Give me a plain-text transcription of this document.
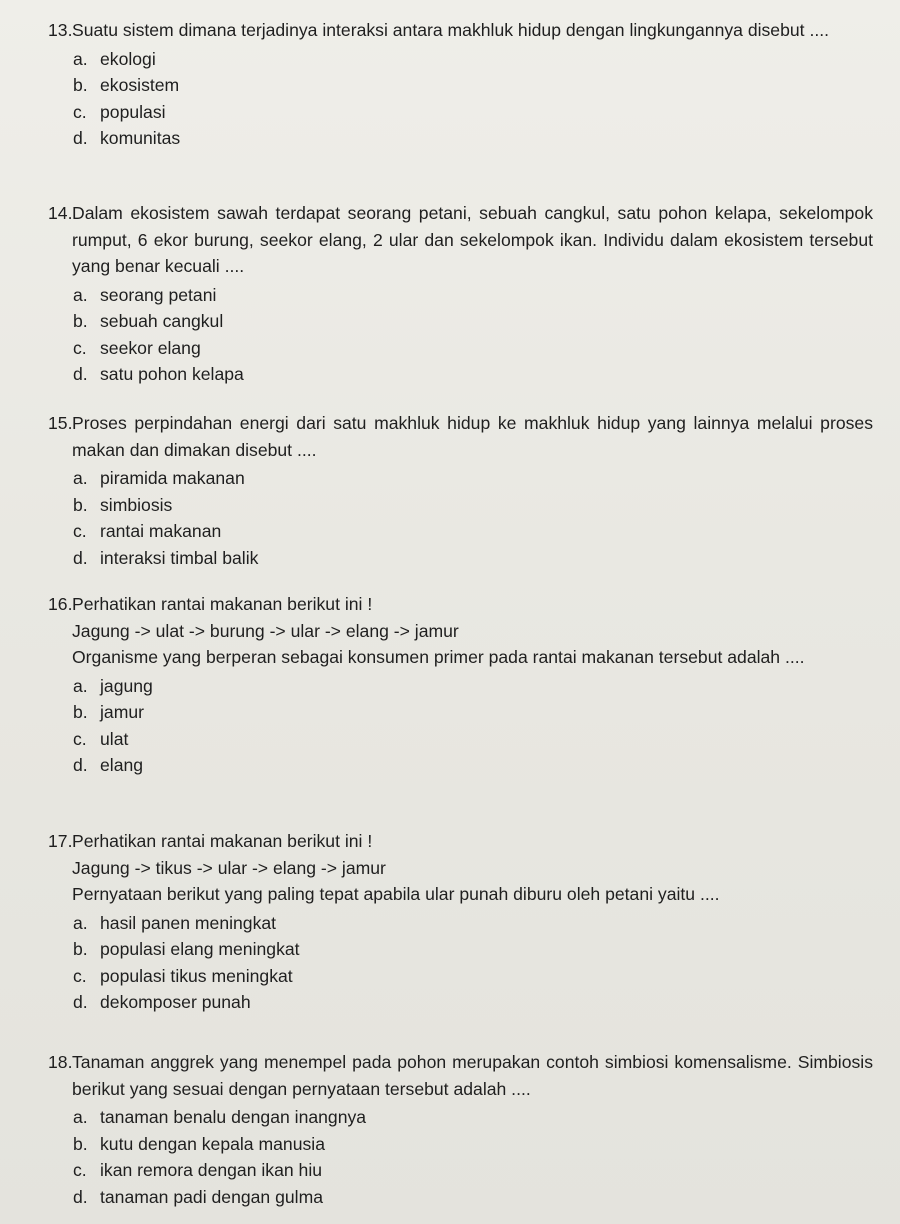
13. Suatu sistem dimana terjadinya interaksi antara makhluk hidup dengan lingkungannya disebut ....
a. ekologi
b. ekosistem
c. populasi
d. komunitas
14. Dalam ekosistem sawah terdapat seorang petani, sebuah cangkul, satu pohon kelapa, sekelompok rumput, 6 ekor burung, seekor elang, 2 ular dan sekelompok ikan. Individu dalam ekosistem tersebut yang benar kecuali ....
a. seorang petani
b. sebuah cangkul
c. seekor elang
d. satu pohon kelapa
15. Proses perpindahan energi dari satu makhluk hidup ke makhluk hidup yang lainnya melalui proses makan dan dimakan disebut ....
a. piramida makanan
b. simbiosis
c. rantai makanan
d. interaksi timbal balik
16. Perhatikan rantai makanan berikut ini !
Jagung -> ulat -> burung -> ular -> elang -> jamur
Organisme yang berperan sebagai konsumen primer pada rantai makanan tersebut adalah ....
a. jagung
b. jamur
c. ulat
d. elang
17. Perhatikan rantai makanan berikut ini !
Jagung -> tikus -> ular -> elang -> jamur
Pernyataan berikut yang paling tepat apabila ular punah diburu oleh petani yaitu ....
a. hasil panen meningkat
b. populasi elang meningkat
c. populasi tikus meningkat
d. dekomposer punah
18. Tanaman anggrek yang menempel pada pohon merupakan contoh simbiosi komensalisme. Simbiosis berikut yang sesuai dengan pernyataan tersebut adalah ....
a. tanaman benalu dengan inangnya
b. kutu dengan kepala manusia
c. ikan remora dengan ikan hiu
d. tanaman padi dengan gulma
